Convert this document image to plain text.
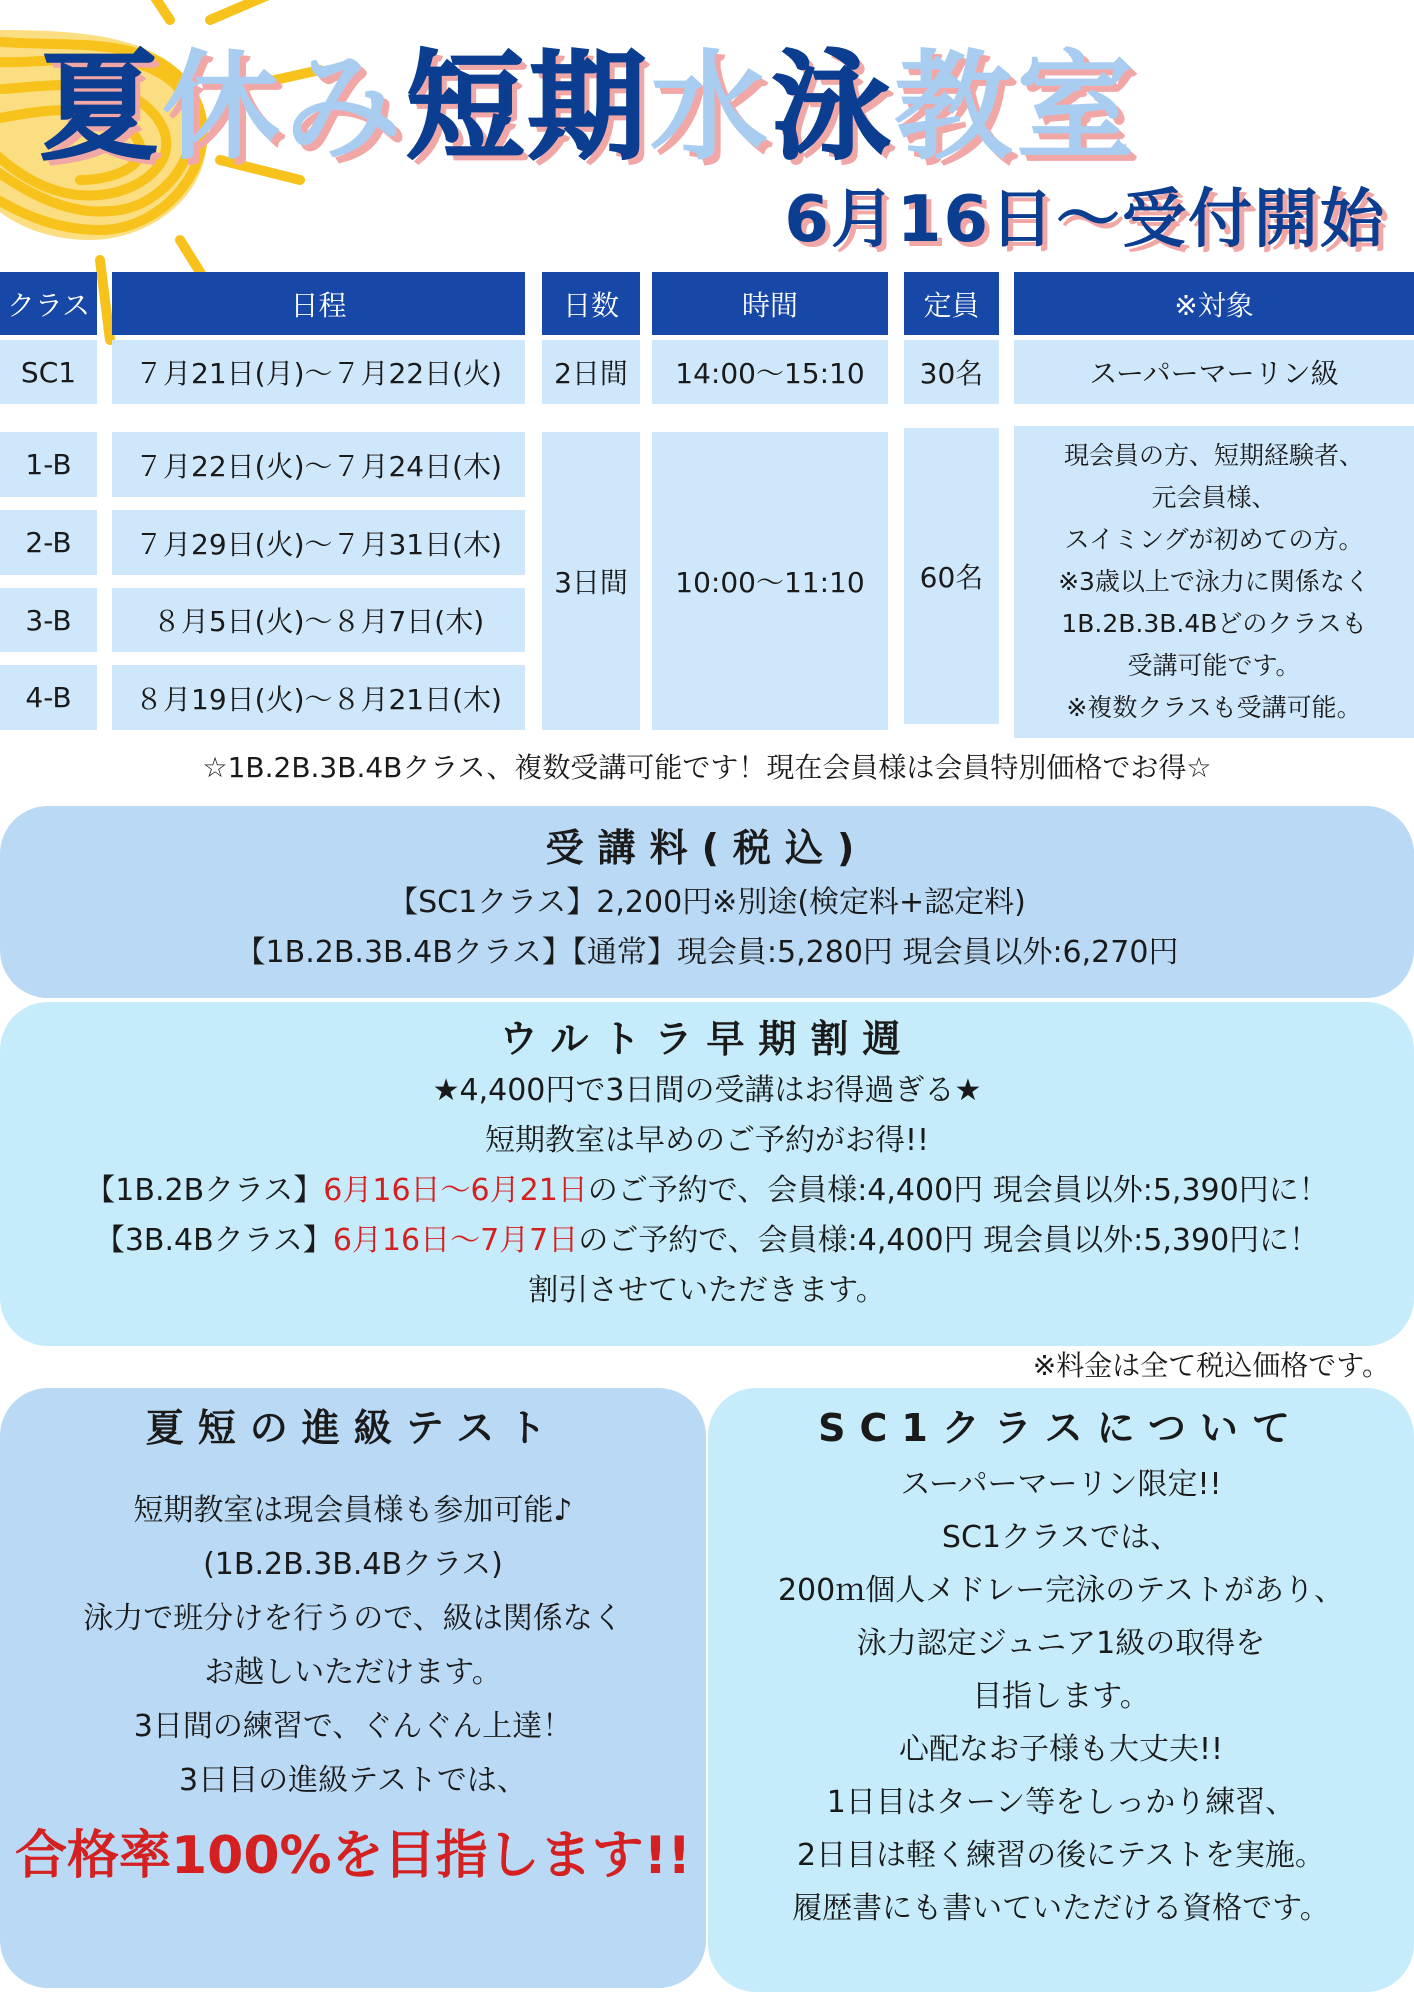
夏休み短期水泳教室
6月16日～受付開始
クラス	日程	日数	時間	定員	※対象
SC1	７月21日(月)～７月22日(火)	2日間	14:00～15:10	30名	スーパーマーリン級
1-B	７月22日(火)～７月24日(木)
2-B	７月29日(火)～７月31日(木)
3-B	８月5日(火)～８月7日(木)
4-B	８月19日(火)～８月21日(木)
3日間	10:00～11:10	60名
現会員の方、短期経験者、
元会員様、
スイミングが初めての方。
※3歳以上で泳力に関係なく
1B.2B.3B.4Bどのクラスも
受講可能です。
※複数クラスも受講可能。
☆1B.2B.3B.4Bクラス、複数受講可能です！現在会員様は会員特別価格でお得☆
受講料(税込)
【SC1クラス】2,200円※別途(検定料+認定料)
【1B.2B.3B.4Bクラス】【通常】現会員:5,280円 現会員以外:6,270円
ウルトラ早期割週
★4,400円で3日間の受講はお得過ぎる★
短期教室は早めのご予約がお得!!
【1B.2Bクラス】6月16日～6月21日のご予約で、会員様:4,400円 現会員以外:5,390円に！
【3B.4Bクラス】6月16日～7月7日のご予約で、会員様:4,400円 現会員以外:5,390円に！
割引させていただきます。
※料金は全て税込価格です。
夏短の進級テスト
短期教室は現会員様も参加可能♪
(1B.2B.3B.4Bクラス)
泳力で班分けを行うので、級は関係なく
お越しいただけます。
3日間の練習で、ぐんぐん上達！
3日目の進級テストでは、
合格率100%を目指します!!
SC1クラスについて
スーパーマーリン限定!!
SC1クラスでは、
200ｍ個人メドレー完泳のテストがあり、
泳力認定ジュニア1級の取得を
目指します。
心配なお子様も大丈夫!!
1日目はターン等をしっかり練習、
2日目は軽く練習の後にテストを実施。
履歴書にも書いていただける資格です。
